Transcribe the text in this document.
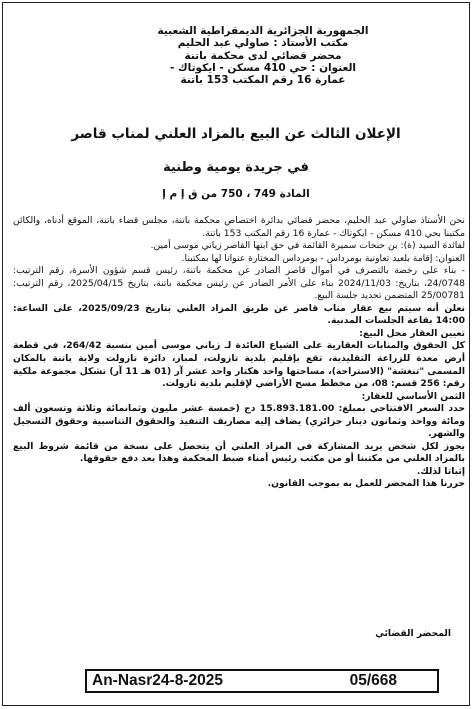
الجمهورية الجزائرية الديمقراطية الشعبية
مكتب الأستاذ : صاولي عبد الحليم
محضر قضائي لدى محكمة باتنة
العنوان : حي 410 مسكن - ايكوتاك -
عمارة 16 رقم المكتب 153 باتنة
الإعلان الثالث عن البيع بالمزاد العلني لمناب قاصر
في جريدة يومية وطنية
المادة 749 ، 750 من ق إ م إ

نحن الأستاذ صاولي عبد الحليم، محضر قضائي بدائرة اختصاص محكمة باتنة، مجلس قضاء باتنة، الموقع أدناه، والكائن مكتبنا بحي 410 مسكن - ايكوتاك - عمارة 16 رقم المكتب 153 باتنة.

لفائدة السيد (ة): بن حنحات سميرة القائمة في حق ابنها القاصر زياني موسى أمين.

العنوان: إقامة بلعيد تعاونية بومرداس - بومرداس المختارة عنوانا لها بمكتبنا.

- بناء على رخصة بالتصرف في أموال قاصر الصادر عن محكمة باتنة، رئيس قسم شؤون الأسرة، رقم الترتيب: 24/0748، بتاريخ: 2024/11/03 بناء على الأمر الصادر عن رئيس محكمة باتنة، بتاريخ 2025/04/15، رقم الترتيب: 25/00781 المتضمن تحديد جلسة البيع.

نعلن أنه سيتم بيع عقار مناب قاصر عن طريق المزاد العلني بتاريخ 2025/09/23، على الساعة: 14:00 بقاعة الجلسات المدنية.

تعيين العقار محل البيع:

كل الحقوق والمنابات العقارية على الشياع العائدة لـ زياني موسى أمين بنسبة 264/42، في قطعة أرض معدة للزراعة التقليدية، تقع بإقليم بلدية تازولت، لمباز، دائرة تازولت ولاية باتنة بالمكان المسمى "تنغشة" (الاستراحة)، مساحتها واحد هكتار واحد عشر آر (01 هـ 11 آر) تشكل مجموعة ملكية رقم: 256 قسم: 08، من مخطط مسح الأراضي لإقليم بلدية تازولت.

الثمن الأساسي للعقار:

حدد السعر الافتتاحي بمبلغ: 15.893.181.00 دج (خمسة عشر مليون وثمانمائة وثلاثة وتسعون ألف ومائة وواحد وثمانون دينار جزائري) يضاف إليه مصاريف التنفيذ والحقوق التناسبية وحقوق التسجيل والشهر.

يجوز لكل شخص يريد المشاركة في المزاد العلني أن يتحصل على نسخة من قائمة شروط البيع بالمزاد العلني من مكتبنا أو من مكتب رئيس أمناء ضبط المحكمة وهذا بعد دفع حقوقها.

إثباتا لذلك.

حررنا هذا المحضر للعمل به بموجب القانون.

المحضر القضائي
An-Nasr24-8-2025	05/668
